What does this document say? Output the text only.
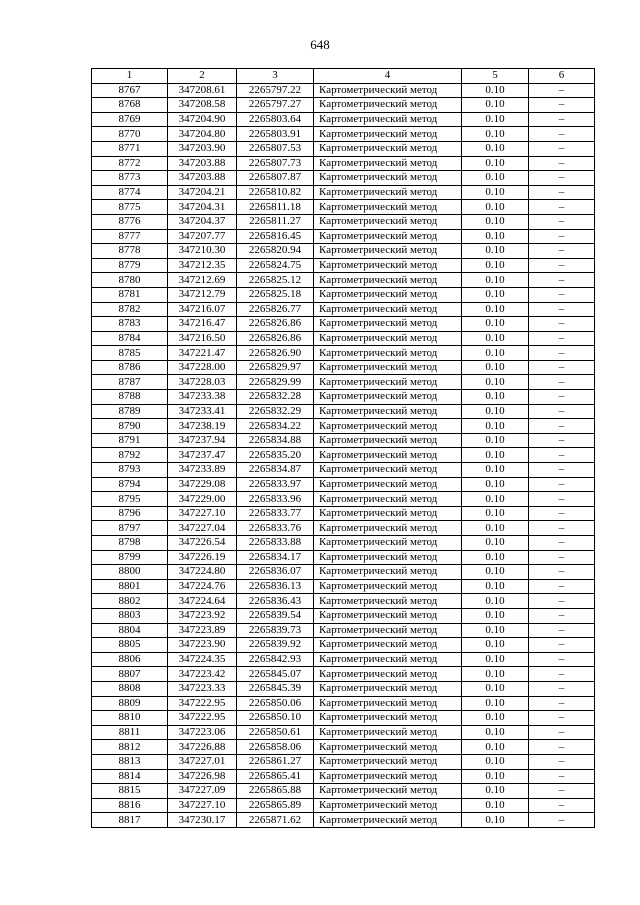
648
1	2	3	4	5	6
8767	347208.61	2265797.22	Картометрический метод	0.10	–
8768	347208.58	2265797.27	Картометрический метод	0.10	–
8769	347204.90	2265803.64	Картометрический метод	0.10	–
8770	347204.80	2265803.91	Картометрический метод	0.10	–
8771	347203.90	2265807.53	Картометрический метод	0.10	–
8772	347203.88	2265807.73	Картометрический метод	0.10	–
8773	347203.88	2265807.87	Картометрический метод	0.10	–
8774	347204.21	2265810.82	Картометрический метод	0.10	–
8775	347204.31	2265811.18	Картометрический метод	0.10	–
8776	347204.37	2265811.27	Картометрический метод	0.10	–
8777	347207.77	2265816.45	Картометрический метод	0.10	–
8778	347210.30	2265820.94	Картометрический метод	0.10	–
8779	347212.35	2265824.75	Картометрический метод	0.10	–
8780	347212.69	2265825.12	Картометрический метод	0.10	–
8781	347212.79	2265825.18	Картометрический метод	0.10	–
8782	347216.07	2265826.77	Картометрический метод	0.10	–
8783	347216.47	2265826.86	Картометрический метод	0.10	–
8784	347216.50	2265826.86	Картометрический метод	0.10	–
8785	347221.47	2265826.90	Картометрический метод	0.10	–
8786	347228.00	2265829.97	Картометрический метод	0.10	–
8787	347228.03	2265829.99	Картометрический метод	0.10	–
8788	347233.38	2265832.28	Картометрический метод	0.10	–
8789	347233.41	2265832.29	Картометрический метод	0.10	–
8790	347238.19	2265834.22	Картометрический метод	0.10	–
8791	347237.94	2265834.88	Картометрический метод	0.10	–
8792	347237.47	2265835.20	Картометрический метод	0.10	–
8793	347233.89	2265834.87	Картометрический метод	0.10	–
8794	347229.08	2265833.97	Картометрический метод	0.10	–
8795	347229.00	2265833.96	Картометрический метод	0.10	–
8796	347227.10	2265833.77	Картометрический метод	0.10	–
8797	347227.04	2265833.76	Картометрический метод	0.10	–
8798	347226.54	2265833.88	Картометрический метод	0.10	–
8799	347226.19	2265834.17	Картометрический метод	0.10	–
8800	347224.80	2265836.07	Картометрический метод	0.10	–
8801	347224.76	2265836.13	Картометрический метод	0.10	–
8802	347224.64	2265836.43	Картометрический метод	0.10	–
8803	347223.92	2265839.54	Картометрический метод	0.10	–
8804	347223.89	2265839.73	Картометрический метод	0.10	–
8805	347223.90	2265839.92	Картометрический метод	0.10	–
8806	347224.35	2265842.93	Картометрический метод	0.10	–
8807	347223.42	2265845.07	Картометрический метод	0.10	–
8808	347223.33	2265845.39	Картометрический метод	0.10	–
8809	347222.95	2265850.06	Картометрический метод	0.10	–
8810	347222.95	2265850.10	Картометрический метод	0.10	–
8811	347223.06	2265850.61	Картометрический метод	0.10	–
8812	347226.88	2265858.06	Картометрический метод	0.10	–
8813	347227.01	2265861.27	Картометрический метод	0.10	–
8814	347226.98	2265865.41	Картометрический метод	0.10	–
8815	347227.09	2265865.88	Картометрический метод	0.10	–
8816	347227.10	2265865.89	Картометрический метод	0.10	–
8817	347230.17	2265871.62	Картометрический метод	0.10	–
